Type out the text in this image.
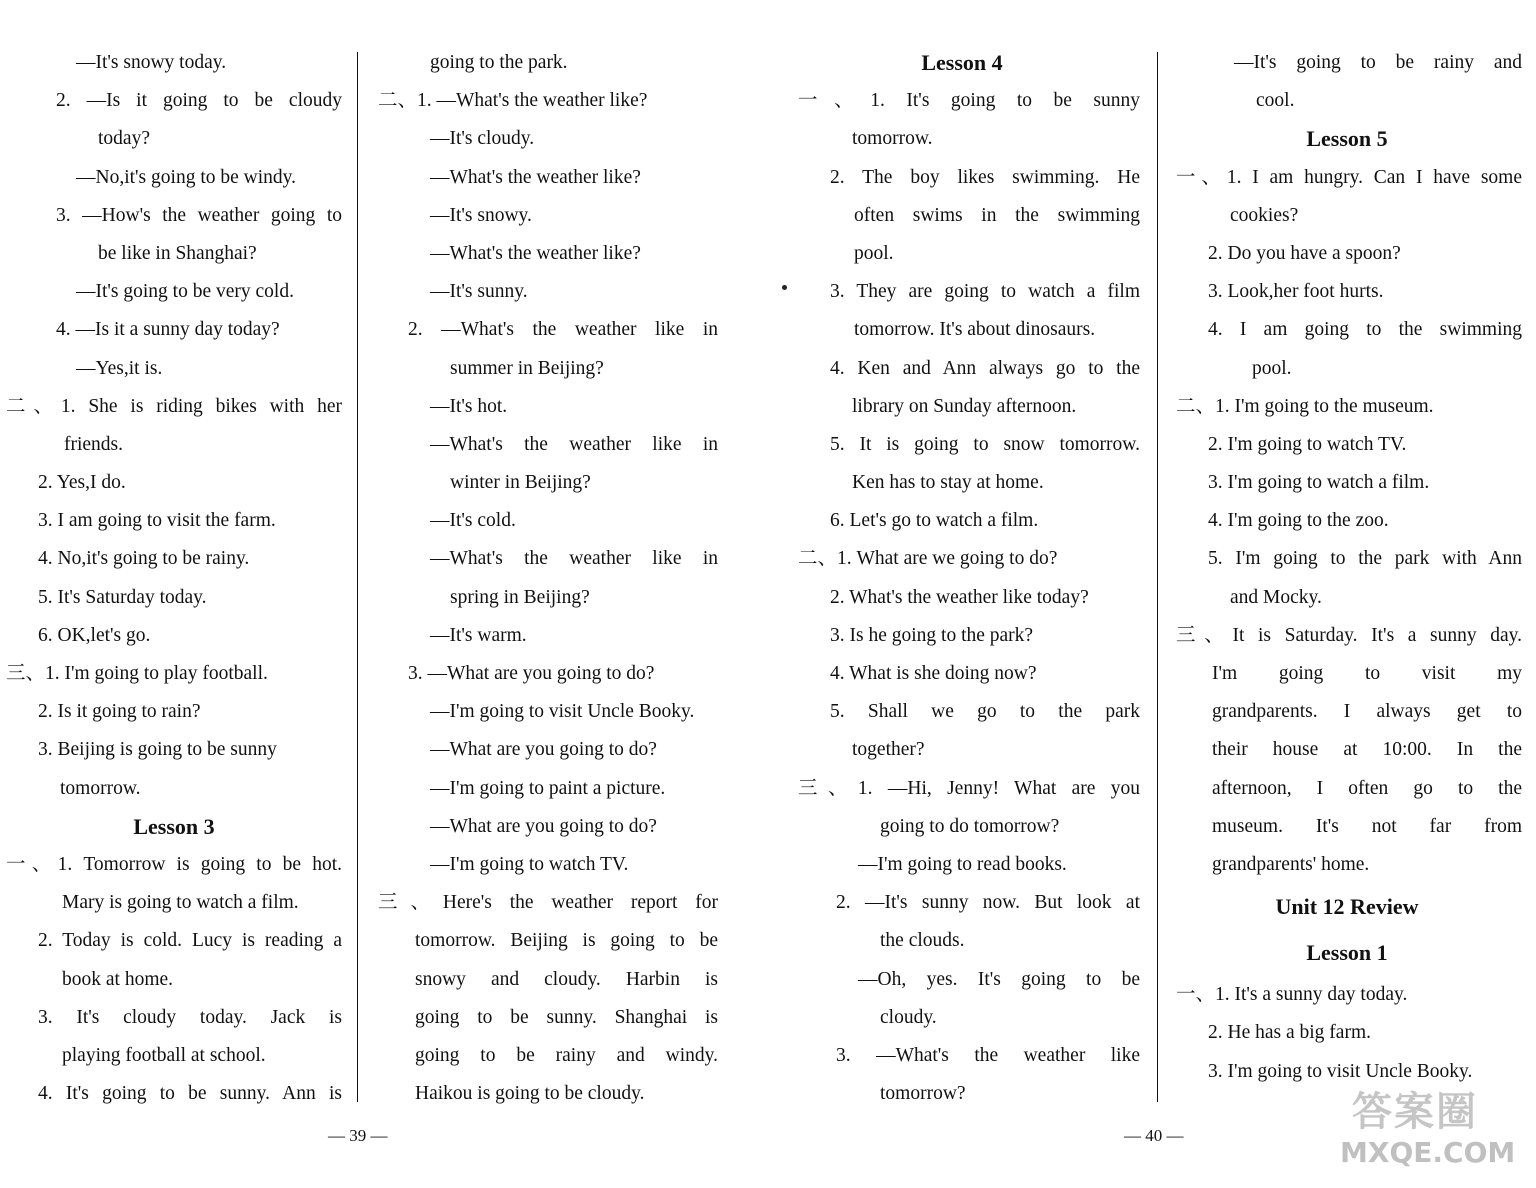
—It's snowy today.
2. —Is it going to be cloudy
today?
—No,it's going to be windy.
3. —How's the weather going to
be like in Shanghai?
—It's going to be very cold.
4. —Is it a sunny day today?
—Yes,it is.
二、1. She is riding bikes with her
friends.
2. Yes,I do.
3. I am going to visit the farm.
4. No,it's going to be rainy.
5. It's Saturday today.
6. OK,let's go.
三、1. I'm going to play football.
2. Is it going to rain?
3. Beijing is going to be sunny
tomorrow.
Lesson 3
一、1. Tomorrow is going to be hot.
Mary is going to watch a film.
2. Today is cold. Lucy is reading a
book at home.
3. It's cloudy today. Jack is
playing football at school.
4. It's going to be sunny. Ann is
going to the park.
二、1. —What's the weather like?
—It's cloudy.
—What's the weather like?
—It's snowy.
—What's the weather like?
—It's sunny.
2. —What's the weather like in
summer in Beijing?
—It's hot.
—What's the weather like in
winter in Beijing?
—It's cold.
—What's the weather like in
spring in Beijing?
—It's warm.
3. —What are you going to do?
—I'm going to visit Uncle Booky.
—What are you going to do?
—I'm going to paint a picture.
—What are you going to do?
—I'm going to watch TV.
三、Here's the weather report for
tomorrow. Beijing is going to be
snowy and cloudy. Harbin is
going to be sunny. Shanghai is
going to be rainy and windy.
Haikou is going to be cloudy.
Lesson 4
一、1. It's going to be sunny
tomorrow.
2. The boy likes swimming. He
often swims in the swimming
pool.
3. They are going to watch a film
tomorrow. It's about dinosaurs.
4. Ken and Ann always go to the
library on Sunday afternoon.
5. It is going to snow tomorrow.
Ken has to stay at home.
6. Let's go to watch a film.
二、1. What are we going to do?
2. What's the weather like today?
3. Is he going to the park?
4. What is she doing now?
5. Shall we go to the park
together?
三、1. —Hi, Jenny! What are you
going to do tomorrow?
—I'm going to read books.
2. —It's sunny now. But look at
the clouds.
—Oh, yes. It's going to be
cloudy.
3. —What's the weather like
tomorrow?
—It's going to be rainy and
cool.
Lesson 5
一、1. I am hungry. Can I have some
cookies?
2. Do you have a spoon?
3. Look,her foot hurts.
4. I am going to the swimming
pool.
二、1. I'm going to the museum.
2. I'm going to watch TV.
3. I'm going to watch a film.
4. I'm going to the zoo.
5. I'm going to the park with Ann
and Mocky.
三、It is Saturday. It's a sunny day.
I'm going to visit my
grandparents. I always get to
their house at 10:00. In the
afternoon, I often go to the
museum. It's not far from
grandparents' home.
Unit 12 Review
Lesson 1
一、1. It's a sunny day today.
2. He has a big farm.
3. I'm going to visit Uncle Booky.
— 39 —	— 40 —
答案圈
MXQE.COM
